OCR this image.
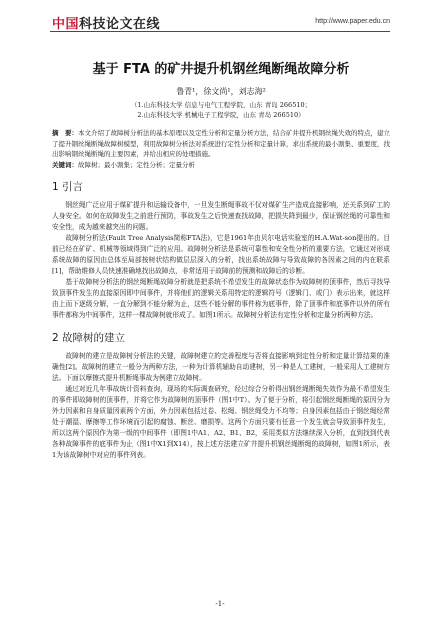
中国科技论文在线	http://www.paper.edu.cn
基于 FTA 的矿井提升机钢丝绳断绳故障分析

鲁青¹，徐文尚¹，刘志海²

（1.山东科技大学 信息与电气工程学院，山东 青岛 266510；

2.山东科技大学 机械电子工程学院，山东 青岛 266510）

摘　要：本文介绍了故障树分析法的基本原理以及定性分析和定量分析方法，结合矿井提升机钢丝绳失效的特点，建立了提升钢丝绳断绳故障树模型，利用故障树分析法对系统进行定性分析和定量计算，求出系统的最小割集、重要度，找出影响钢丝绳断绳的主要因素，并给出相应的处理措施。

关键词：故障树；最小割集；定性分析；定量分析

1 引言

钢丝绳广泛应用于煤矿提升和运输设备中，一旦发生断绳事故不仅对煤矿生产造成直接影响，还关系到矿工的人身安全。如何在故障发生之前进行预防，事故发生之后快速查找故障，把损失降到最少，保证钢丝绳的可靠性和安全性，成为越来越突出的问题。

故障树分析法(Fault Tree Analysis简称FTA法)，它是1961年由贝尔电话实验室的H.A.Wat-son提出的。目前已经在矿矿、机械等领域得到广泛的应用。故障树分析法是系统可靠性和安全性分析的重要方法，它通过对形成系统故障的原因由总体至局部按树状结构做层层深入的分析，找出系统故障与导致故障的各因素之间的内在联系[1]，帮助维修人员快速准确地找出故障点，非常适用于故障前的预测和故障后的诊断。

基于故障树分析法的钢丝绳断绳故障分析就是把系统不希望发生的故障状态作为故障树的顶事件，然后寻找导致顶事件发生的直接原因即中间事件，并将他们的逻辑关系用特定的逻辑符号（逻辑门、或门）表示出来，就这样由上而下逐级分解，一直分解到不能分解为止，这些不能分解的事件称为底事件，除了顶事件和底事件以外的所有事件都称为中间事件，这样一棵故障树就形成了。如图1所示。故障树分析法有定性分析和定量分析两种方法。

2 故障树的建立

故障树的建立是故障树分析法的关键，故障树建立的完善程度与否将直接影响到定性分析和定量计算结果的准确性[2]。故障树的建立一般分为两种方法，一种为计算机辅助自动建树，另一种是人工建树，一般采用人工建树方法。下面以摩擦式提升机断绳事故为例建立故障树。

通过对近几年事故统计资料查询，现场的实际调查研究，经过综合分析得出钢丝绳断绳失效作为最不希望发生的事件即故障树的顶事件，并将它作为故障树的顶事件（图1中T）。为了便于分析，将引起钢丝绳断绳的原因分为外力因素和自身质量因素两个方面，外力因素包括过卷、松绳、钢丝绳受力不均等；自身因素包括由于钢丝绳经常处于潮湿、摩擦等工作环境而引起的腐蚀、断丝、磨损等。这两个方面只要有任意一个发生就会导致顶事件发生，所以这两个原因作为第一级的中间事件（即图1中A1、A2、B1、B2，采用类似方法继续深入分析，直到找到代表各种故障事件的底事件为止（图1中X1到X14），按上述方法建立矿井提升机钢丝绳断绳的故障树，如图1所示，表1为该故障树中对应的事件列表。

-1-
